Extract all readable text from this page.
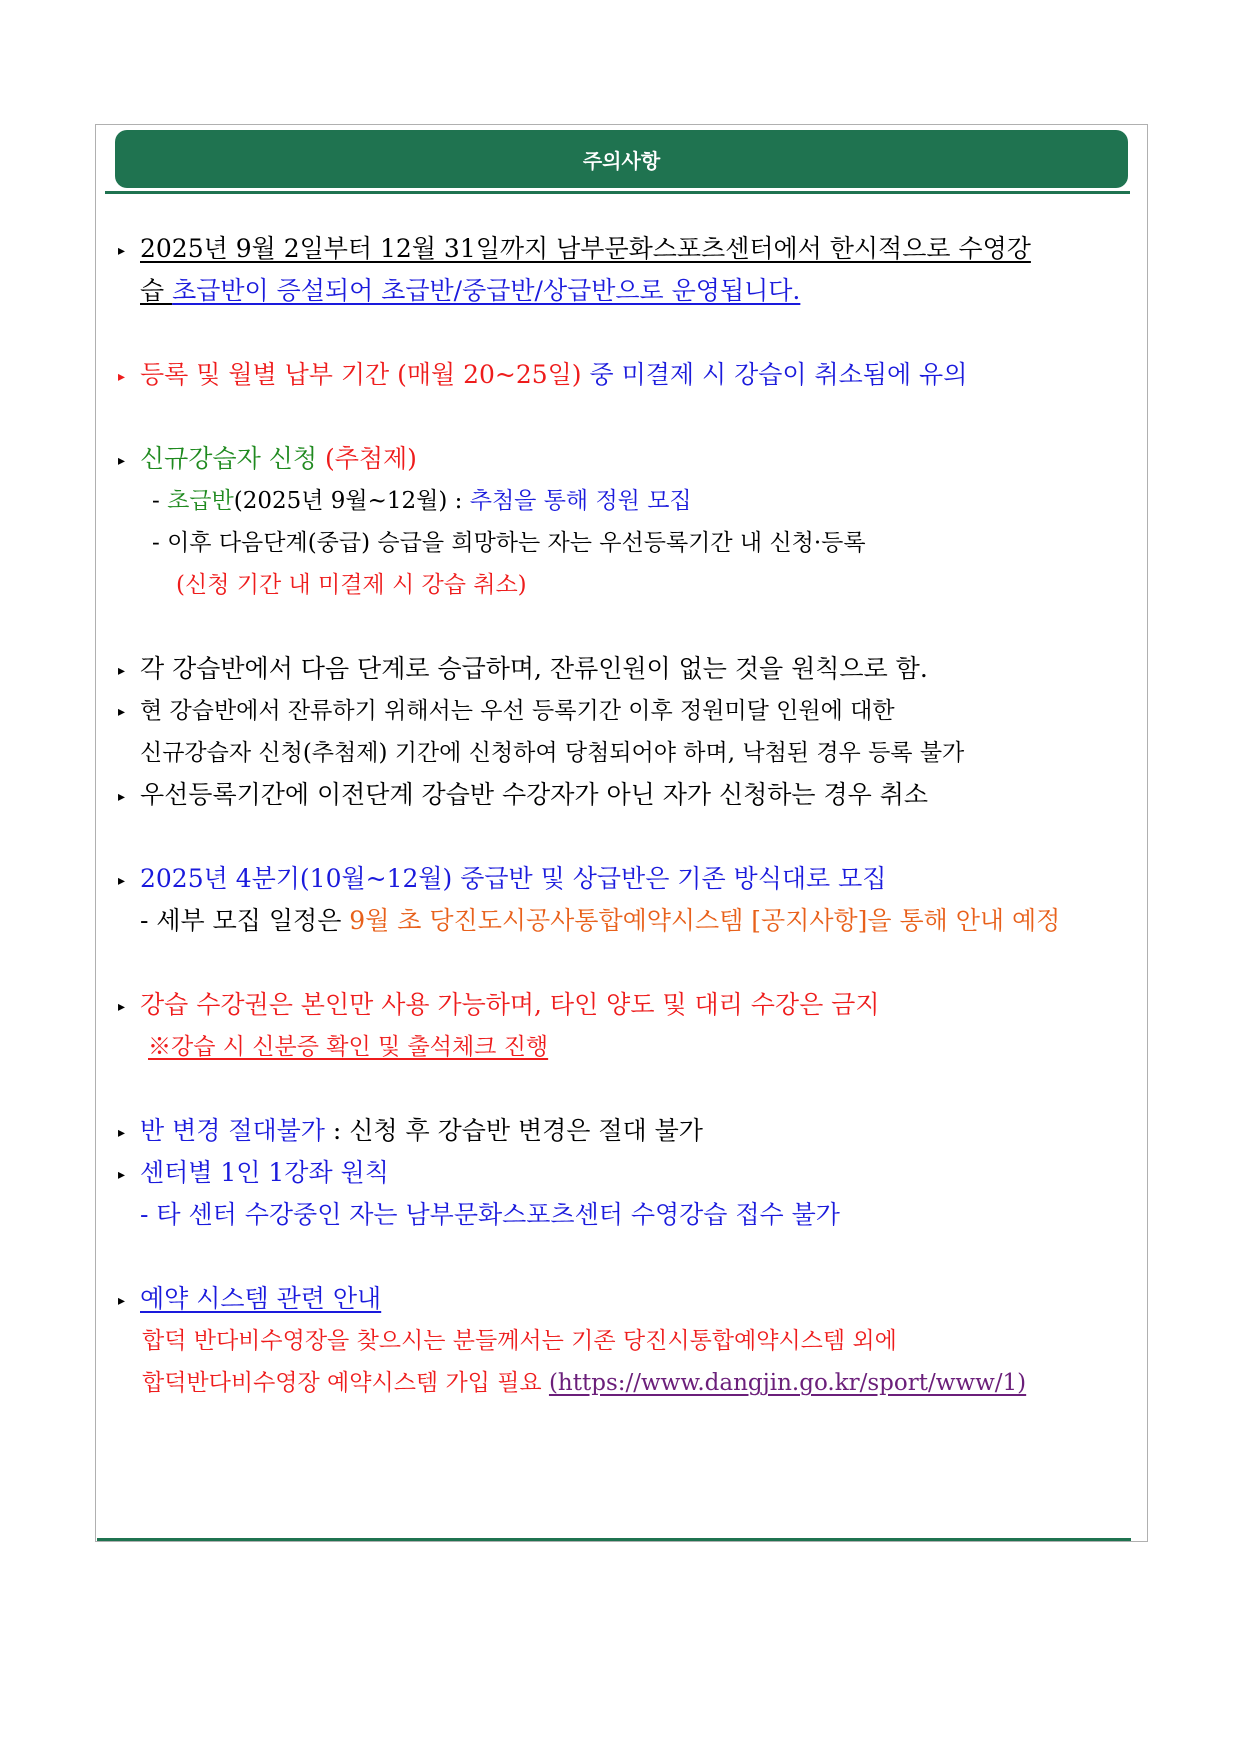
주의사항
▸ 2025년 9월 2일부터 12월 31일까지 남부문화스포츠센터에서 한시적으로 수영강
습 초급반이 증설되어 초급반/중급반/상급반으로 운영됩니다.
▸ 등록 및 월별 납부 기간 (매월 20~25일) 중 미결제 시 강습이 취소됨에 유의
▸ 신규강습자 신청 (추첨제)
- 초급반(2025년 9월~12월) : 추첨을 통해 정원 모집
- 이후 다음단계(중급) 승급을 희망하는 자는 우선등록기간 내 신청·등록
(신청 기간 내 미결제 시 강습 취소)
▸ 각 강습반에서 다음 단계로 승급하며, 잔류인원이 없는 것을 원칙으로 함.
▸ 현 강습반에서 잔류하기 위해서는 우선 등록기간 이후 정원미달 인원에 대한
신규강습자 신청(추첨제) 기간에 신청하여 당첨되어야 하며, 낙첨된 경우 등록 불가
▸ 우선등록기간에 이전단계 강습반 수강자가 아닌 자가 신청하는 경우 취소
▸ 2025년 4분기(10월~12월) 중급반 및 상급반은 기존 방식대로 모집
- 세부 모집 일정은 9월 초 당진도시공사통합예약시스템 [공지사항]을 통해 안내 예정
▸ 강습 수강권은 본인만 사용 가능하며, 타인 양도 및 대리 수강은 금지
※강습 시 신분증 확인 및 출석체크 진행
▸ 반 변경 절대불가 : 신청 후 강습반 변경은 절대 불가
▸ 센터별 1인 1강좌 원칙
- 타 센터 수강중인 자는 남부문화스포츠센터 수영강습 접수 불가
▸ 예약 시스템 관련 안내
합덕 반다비수영장을 찾으시는 분들께서는 기존 당진시통합예약시스템 외에
합덕반다비수영장 예약시스템 가입 필요 (https://www.dangjin.go.kr/sport/www/1)
